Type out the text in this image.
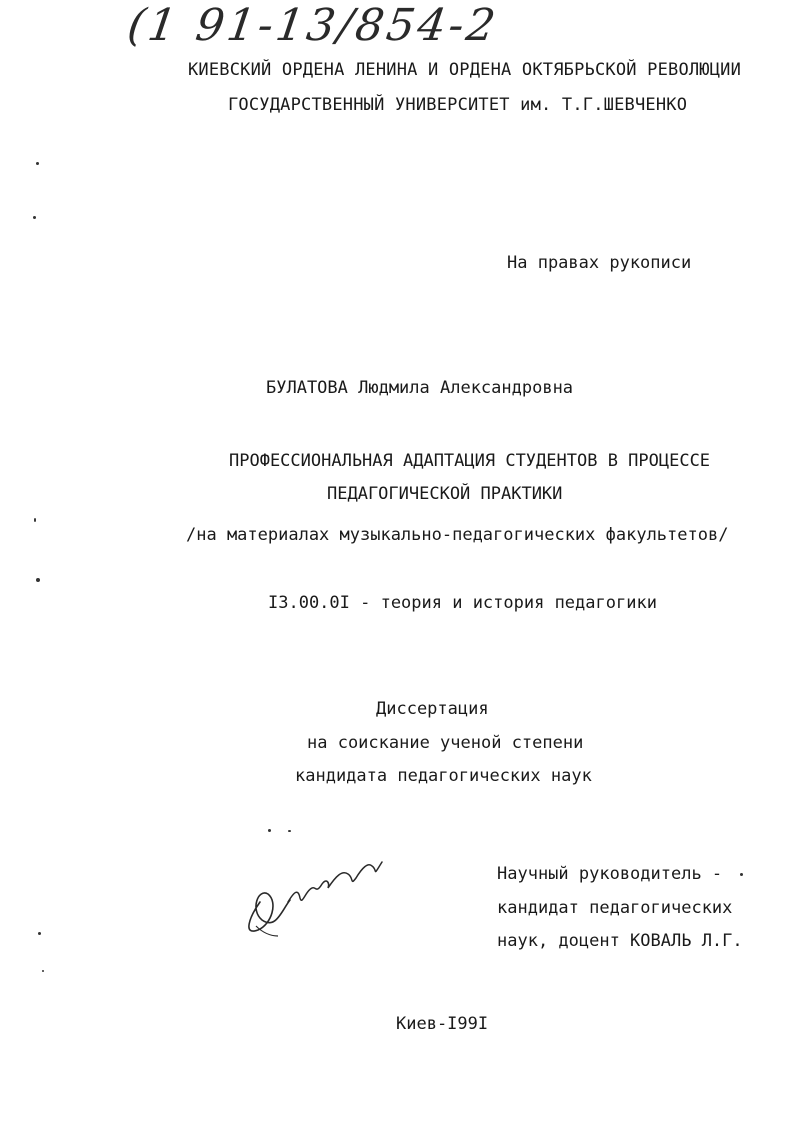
(1 91-13/854-2
КИЕВСКИЙ ОРДЕНА ЛЕНИНА И ОРДЕНА ОКТЯБРЬСКОЙ РЕВОЛЮЦИИ
ГОСУДАРСТВЕННЫЙ УНИВЕРСИТЕТ им. Т.Г.ШЕВЧЕНКО
На правах рукописи
БУЛАТОВА Людмила Александровна
ПРОФЕССИОНАЛЬНАЯ АДАПТАЦИЯ СТУДЕНТОВ В ПРОЦЕССЕ
ПЕДАГОГИЧЕСКОЙ ПРАКТИКИ
/на материалах музыкально-педагогических факультетов/
I3.00.0I - теория и история педагогики
Диссертация
на соискание ученой степени
кандидата педагогических наук
Научный руководитель -
кандидат педагогических
наук, доцент КОВАЛЬ Л.Г.
Киев-I99I
